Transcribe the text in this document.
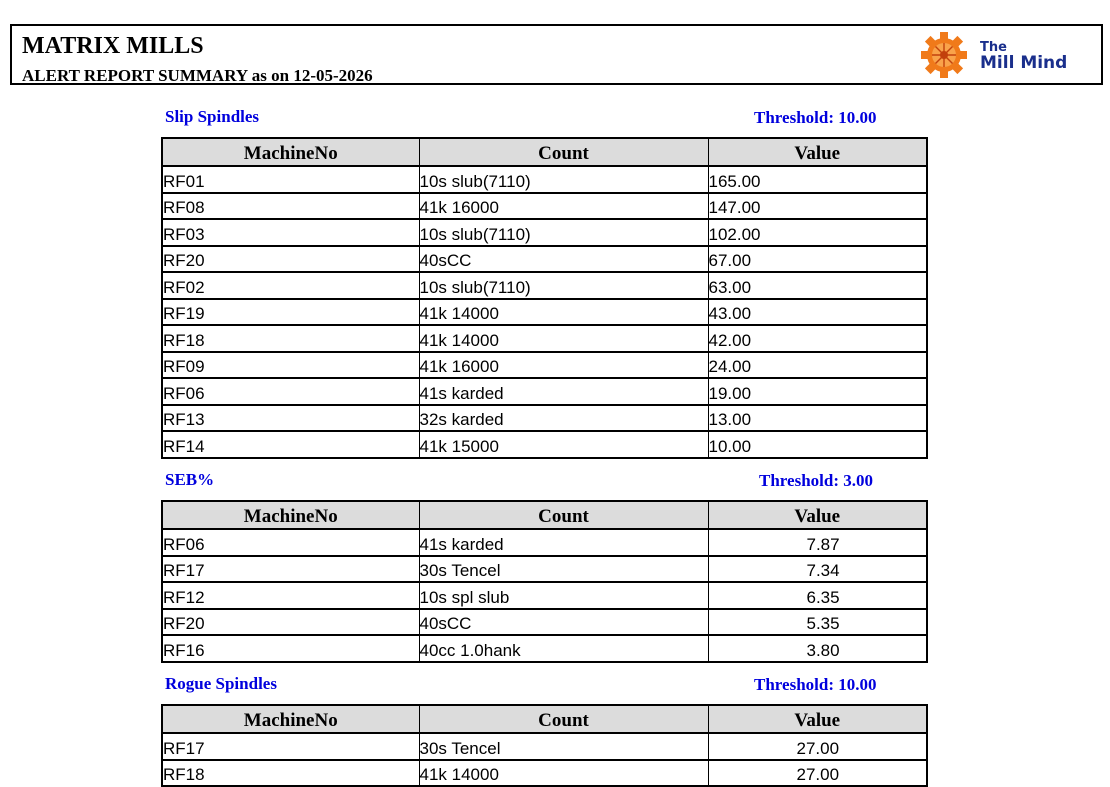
MATRIX MILLS
ALERT REPORT SUMMARY as on 12-05-2026
The
Mill Mind
Slip Spindles	Threshold: 10.00

MachineNo	Count	Value
RF01	10s slub(7110)	165.00
RF08	41k 16000	147.00
RF03	10s slub(7110)	102.00
RF20	40sCC	67.00
RF02	10s slub(7110)	63.00
RF19	41k 14000	43.00
RF18	41k 14000	42.00
RF09	41k 16000	24.00
RF06	41s karded	19.00
RF13	32s karded	13.00
RF14	41k 15000	10.00
SEB%	Threshold: 3.00

MachineNo	Count	Value
RF06	41s karded	7.87
RF17	30s Tencel	7.34
RF12	10s spl slub	6.35
RF20	40sCC	5.35
RF16	40cc 1.0hank	3.80
Rogue Spindles	Threshold: 10.00

MachineNo	Count	Value
RF17	30s Tencel	27.00
RF18	41k 14000	27.00
